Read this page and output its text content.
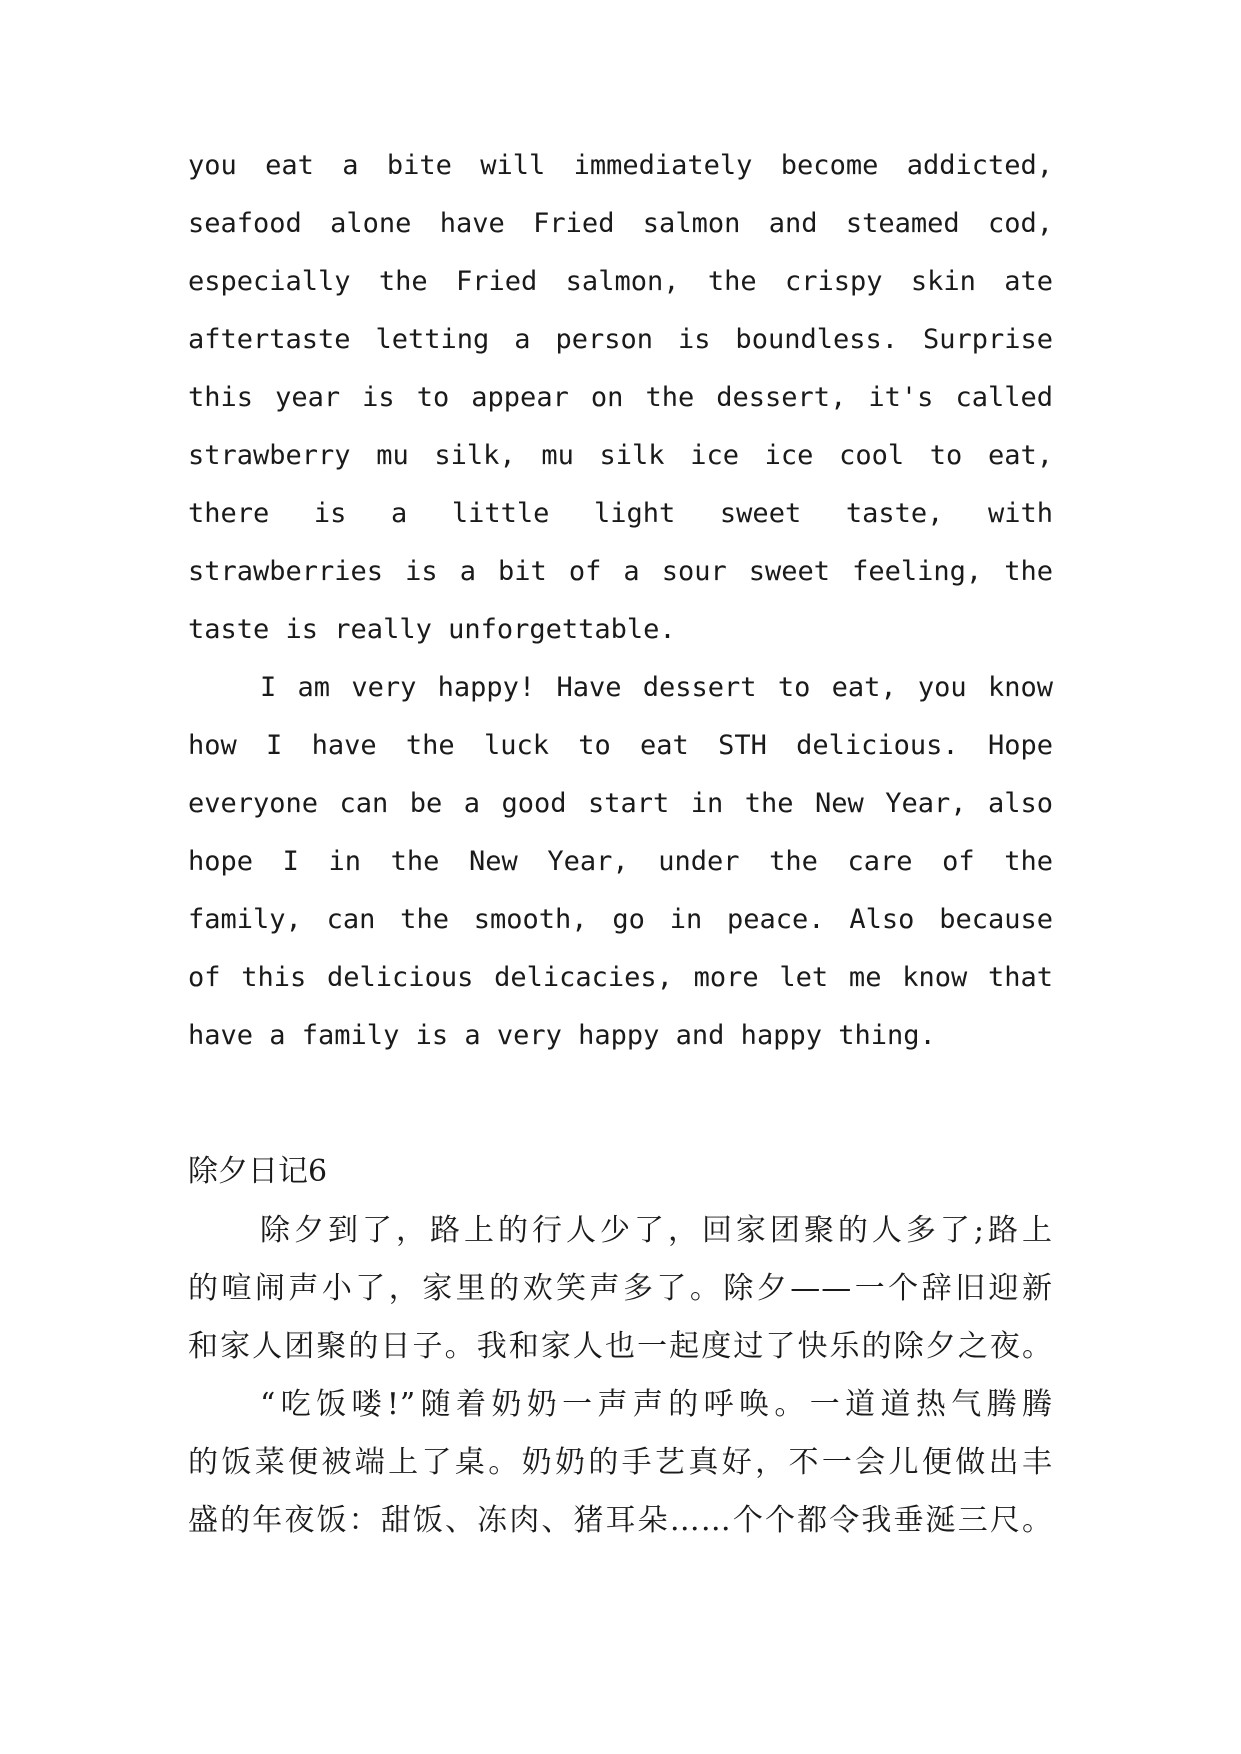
you eat a bite will immediately become addicted,
seafood alone have Fried salmon and steamed cod,
especially the Fried salmon, the crispy skin ate
aftertaste letting a person is boundless. Surprise
this year is to appear on the dessert, it's called
strawberry mu silk, mu silk ice ice cool to eat,
there is a little light sweet taste, with
strawberries is a bit of a sour sweet feeling, the
taste is really unforgettable.
I am very happy! Have dessert to eat, you know
how I have the luck to eat STH delicious. Hope
everyone can be a good start in the New Year, also
hope I in the New Year, under the care of the
family, can the smooth, go in peace. Also because
of this delicious delicacies, more let me know that
have a family is a very happy and happy thing.
除夕日记6
除夕到了，路上的行人少了，回家团聚的人多了;路上
的喧闹声小了，家里的欢笑声多了。除夕——一个辞旧迎新
和家人团聚的日子。我和家人也一起度过了快乐的除夕之夜。
“吃饭喽!”随着奶奶一声声的呼唤。一道道热气腾腾
的饭菜便被端上了桌。奶奶的手艺真好，不一会儿便做出丰
盛的年夜饭：甜饭、冻肉、猪耳朵……个个都令我垂涎三尺。
